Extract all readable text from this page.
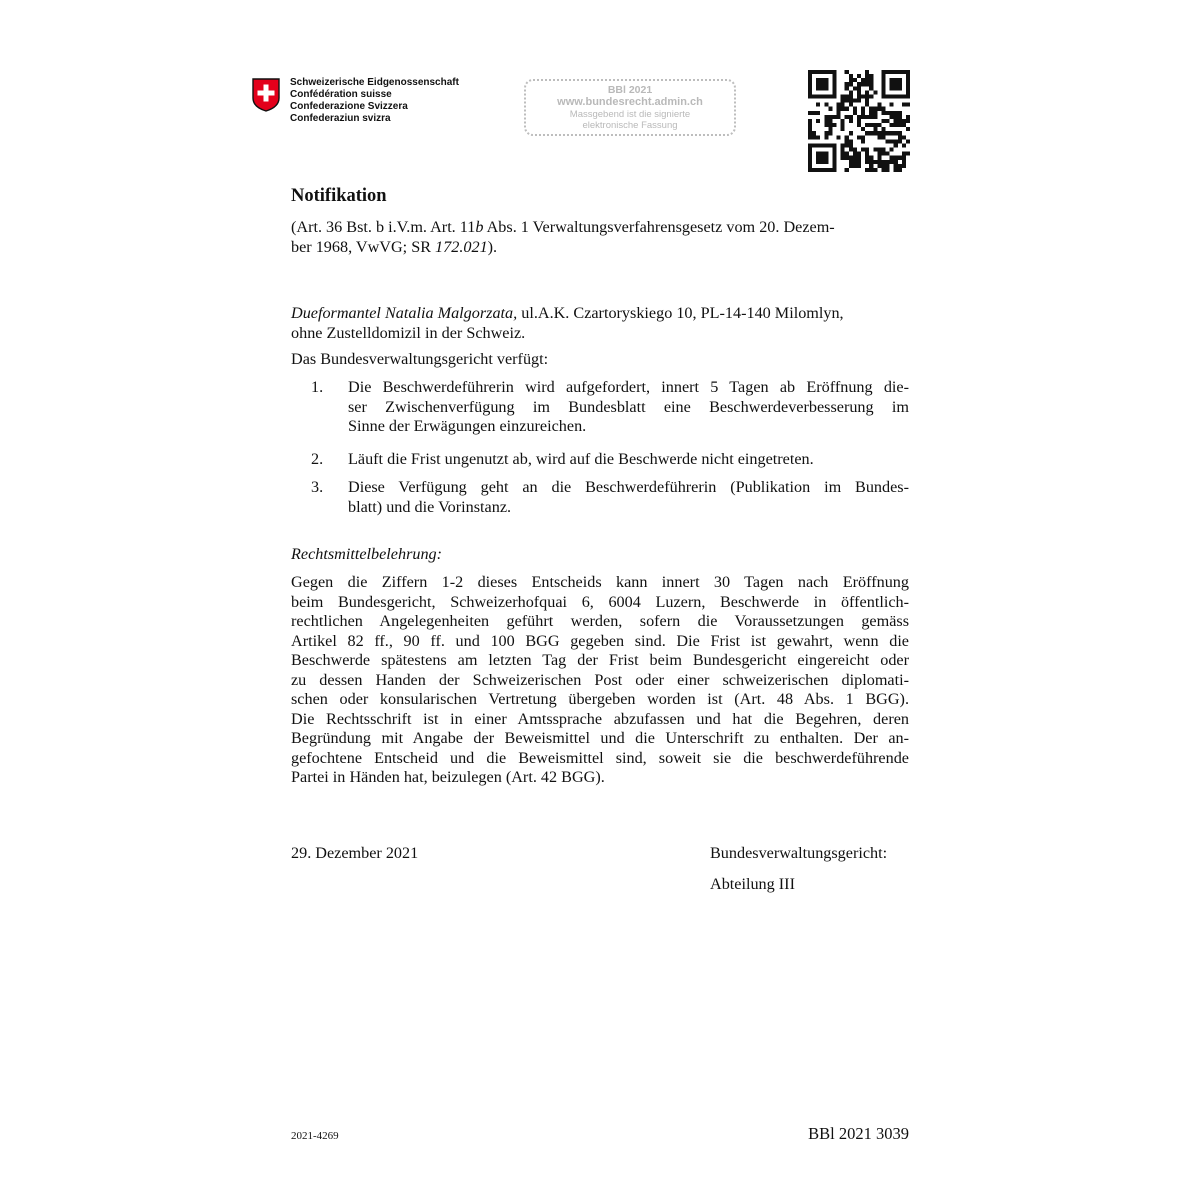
Schweizerische Eidgenossenschaft
Confédération suisse
Confederazione Svizzera
Confederaziun svizra
BBl 2021
www.bundesrecht.admin.ch
Massgebend ist die signierte
elektronische Fassung
Notifikation
(Art. 36 Bst. b i.V.m. Art. 11b Abs. 1 Verwaltungsverfahrensgesetz vom 20. Dezem-
ber 1968, VwVG; SR 172.021).
Dueformantel Natalia Malgorzata, ul.A.K. Czartoryskiego 10, PL-14-140 Milomlyn,
ohne Zustelldomizil in der Schweiz.
Das Bundesverwaltungsgericht verfügt:
1.	Die Beschwerdeführerin wird aufgefordert, innert 5 Tagen ab Eröffnung die-
ser Zwischenverfügung im Bundesblatt eine Beschwerdeverbesserung im
Sinne der Erwägungen einzureichen.
2.	Läuft die Frist ungenutzt ab, wird auf die Beschwerde nicht eingetreten.
3.	Diese Verfügung geht an die Beschwerdeführerin (Publikation im Bundes-
blatt) und die Vorinstanz.
Rechtsmittelbelehrung:
Gegen die Ziffern 1-2 dieses Entscheids kann innert 30 Tagen nach Eröffnung
beim Bundesgericht, Schweizerhofquai 6, 6004 Luzern, Beschwerde in öffentlich-
rechtlichen Angelegenheiten geführt werden, sofern die Voraussetzungen gemäss
Artikel 82 ff., 90 ff. und 100 BGG gegeben sind. Die Frist ist gewahrt, wenn die
Beschwerde spätestens am letzten Tag der Frist beim Bundesgericht eingereicht oder
zu dessen Handen der Schweizerischen Post oder einer schweizerischen diplomati-
schen oder konsularischen Vertretung übergeben worden ist (Art. 48 Abs. 1 BGG).
Die Rechtsschrift ist in einer Amtssprache abzufassen und hat die Begehren, deren
Begründung mit Angabe der Beweismittel und die Unterschrift zu enthalten. Der an-
gefochtene Entscheid und die Beweismittel sind, soweit sie die beschwerdeführende
Partei in Händen hat, beizulegen (Art. 42 BGG).
29. Dezember 2021	Bundesverwaltungsgericht:
Abteilung III
2021-4269	BBl 2021 3039
